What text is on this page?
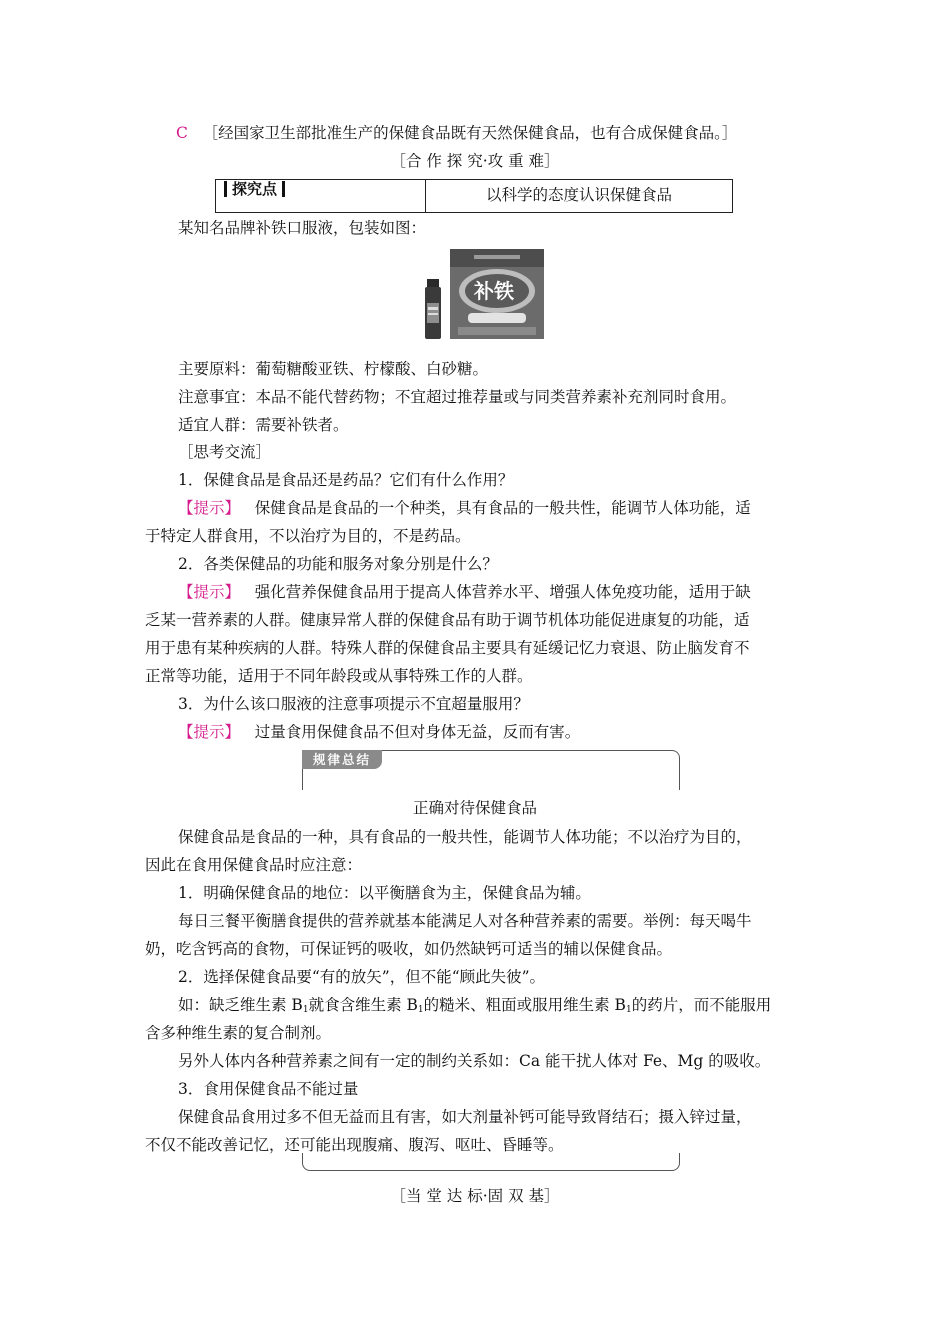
C ［经国家卫生部批准生产的保健食品既有天然保健食品，也有合成保健食品。］
［合 作 探 究·攻 重 难］
探究点	以科学的态度认识保健食品
某知名品牌补铁口服液，包装如图：
补铁
主要原料：葡萄糖酸亚铁、柠檬酸、白砂糖。
注意事宜：本品不能代替药物；不宜超过推荐量或与同类营养素补充剂同时食用。
适宜人群：需要补铁者。
［思考交流］
1．保健食品是食品还是药品？它们有什么作用？
【提示】 保健食品是食品的一个种类，具有食品的一般共性，能调节人体功能，适
于特定人群食用，不以治疗为目的，不是药品。
2．各类保健品的功能和服务对象分别是什么？
【提示】 强化营养保健食品用于提高人体营养水平、增强人体免疫功能，适用于缺
乏某一营养素的人群。健康异常人群的保健食品有助于调节机体功能促进康复的功能，适
用于患有某种疾病的人群。特殊人群的保健食品主要具有延缓记忆力衰退、防止脑发育不
正常等功能，适用于不同年龄段或从事特殊工作的人群。
3．为什么该口服液的注意事项提示不宜超量服用？
【提示】 过量食用保健食品不但对身体无益，反而有害。
规律总结
正确对待保健食品
保健食品是食品的一种，具有食品的一般共性，能调节人体功能；不以治疗为目的，
因此在食用保健食品时应注意：
1．明确保健食品的地位：以平衡膳食为主，保健食品为辅。
每日三餐平衡膳食提供的营养就基本能满足人对各种营养素的需要。举例：每天喝牛
奶，吃含钙高的食物，可保证钙的吸收，如仍然缺钙可适当的辅以保健食品。
2．选择保健食品要“有的放矢”，但不能“顾此失彼”。
如：缺乏维生素 $B_1$就食含维生素 $B_1$的糙米、粗面或服用维生素 $B_1$的药片，而不能服用
含多种维生素的复合制剂。
另外人体内各种营养素之间有一定的制约关系如：Ca 能干扰人体对 Fe、Mg 的吸收。
3．食用保健食品不能过量
保健食品食用过多不但无益而且有害，如大剂量补钙可能导致肾结石；摄入锌过量，
不仅不能改善记忆，还可能出现腹痛、腹泻、呕吐、昏睡等。
［当 堂 达 标·固 双 基］
